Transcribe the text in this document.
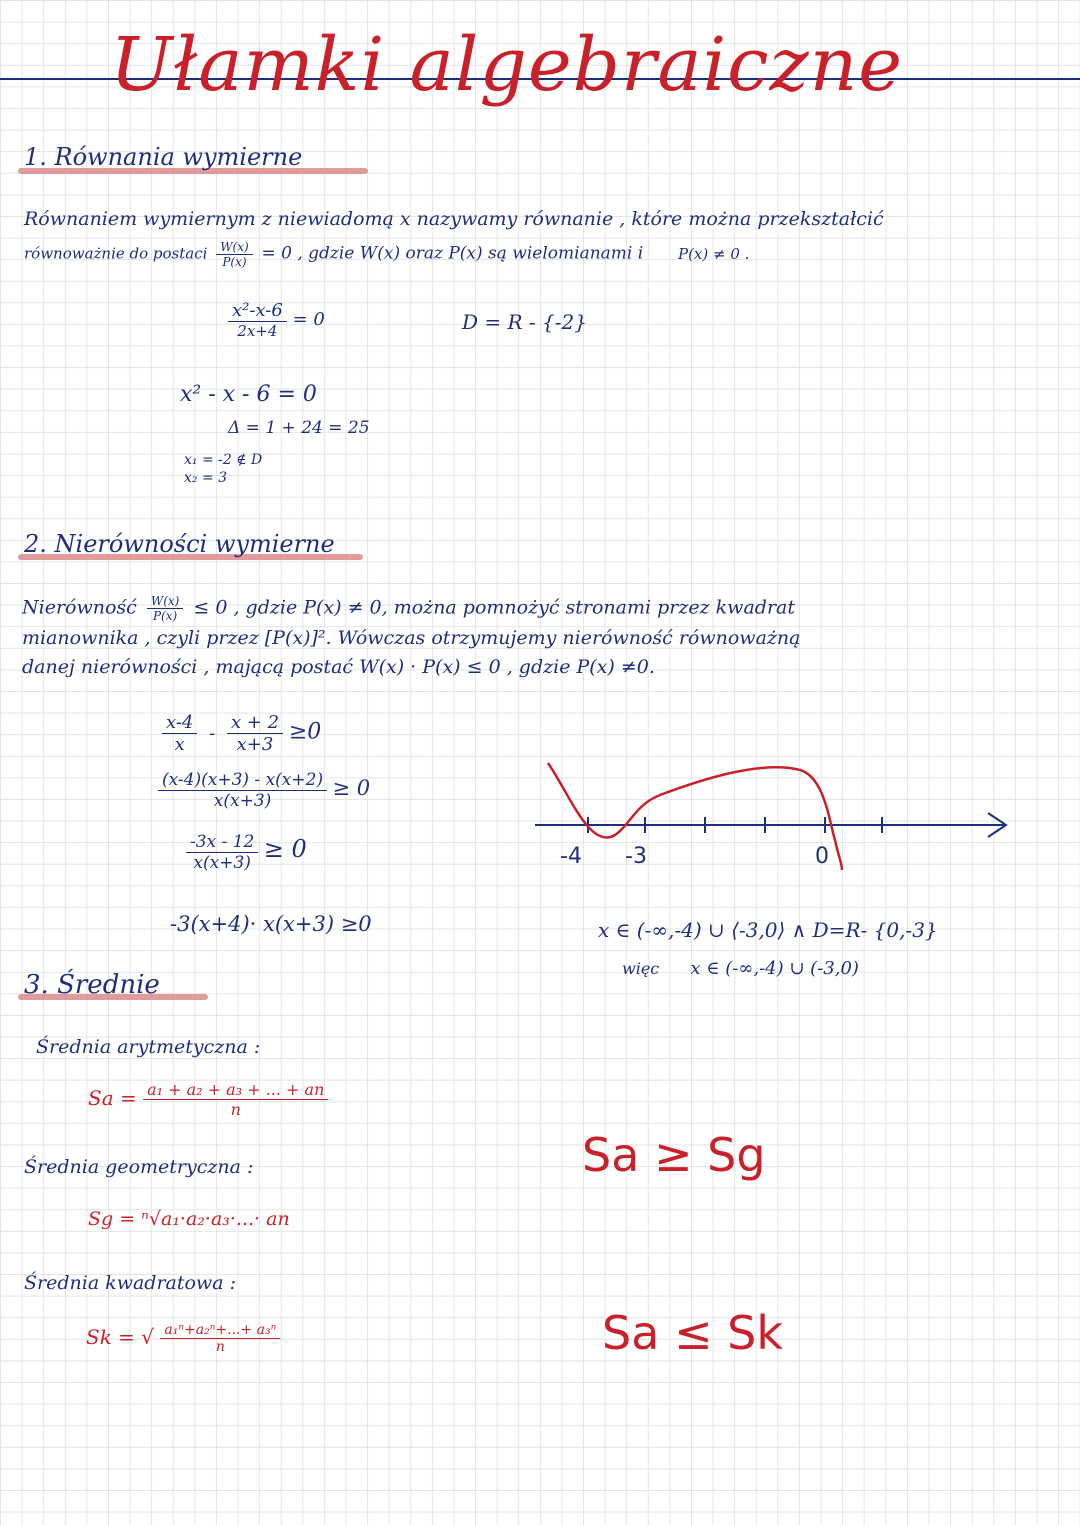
Ułamki algebraiczne
1. Równania wymierne
Równaniem wymiernym z niewiadomą x nazywamy równanie , które można przekształcić
równoważnie do postaci $\frac{W(x)}{P(x)} = 0$ , gdzie W(x) oraz P(x) są wielomianami i P(x) ≠ 0 .
$\frac{\text{x²-x-6}}{2x+4} = 0$	D = R - {-2}
x² - x - 6 = 0
Δ = 1 + 24 = 25
x₁ = -2 ∉ D
x₂ = 3
2. Nierówności wymierne
Nierówność $\frac{W(x)}{P(x)} \le 0$ , gdzie P(x) ≠ 0, można pomnożyć stronami przez kwadrat
mianownika , czyli przez [P(x)]². Wówczas otrzymujemy nierówność równoważną
danej nierówności , mającą postać W(x) · P(x) ≤ 0 , gdzie P(x) ≠0.
$\frac{x-4}{x} - \frac{x + 2}{x+3} \ge 0$
$\frac{(x-4)(x+3) - x(x+2)}{x(x+3)} \ge 0$
$\frac{-3x - 12}{x(x+3)} \ge 0$
-3(x+4)· x(x+3) ≥0
-4 -3	0
x ∈ (-∞,-4) ∪ ⟨-3,0⟩ ∧ D=R- {0,-3}
więc x ∈ (-∞,-4) ∪ (-3,0)
3. Średnie
Średnia arytmetyczna :
$Sa = \frac{\text{a₁ + a₂ + a₃ + ... + an}}{n}$
Średnia geometryczna :
Sg = ⁿ√a₁·a₂·a₃·...· an
Średnia kwadratowa :
Sk = √ $\frac{\text{a₁ⁿ+a₂ⁿ+...+ a₃ⁿ}}{n}$
Sa ≥ Sg
Sa ≤ Sk
